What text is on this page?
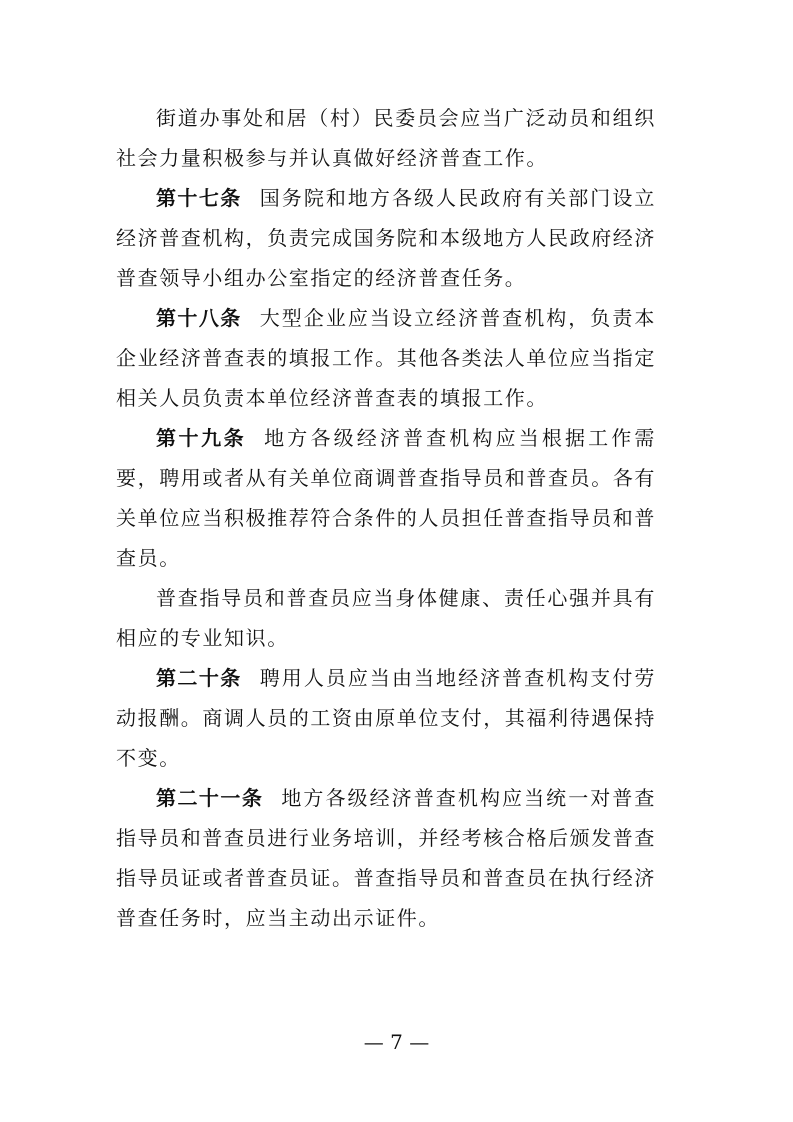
街道办事处和居（村）民委员会应当广泛动员和组织社会力量积极参与并认真做好经济普查工作。

第十七条 国务院和地方各级人民政府有关部门设立经济普查机构，负责完成国务院和本级地方人民政府经济普查领导小组办公室指定的经济普查任务。

第十八条 大型企业应当设立经济普查机构，负责本企业经济普查表的填报工作。其他各类法人单位应当指定相关人员负责本单位经济普查表的填报工作。

第十九条 地方各级经济普查机构应当根据工作需要，聘用或者从有关单位商调普查指导员和普查员。各有关单位应当积极推荐符合条件的人员担任普查指导员和普查员。

普查指导员和普查员应当身体健康、责任心强并具有相应的专业知识。

第二十条 聘用人员应当由当地经济普查机构支付劳动报酬。商调人员的工资由原单位支付，其福利待遇保持不变。

第二十一条 地方各级经济普查机构应当统一对普查指导员和普查员进行业务培训，并经考核合格后颁发普查指导员证或者普查员证。普查指导员和普查员在执行经济普查任务时，应当主动出示证件。

— 7 —
